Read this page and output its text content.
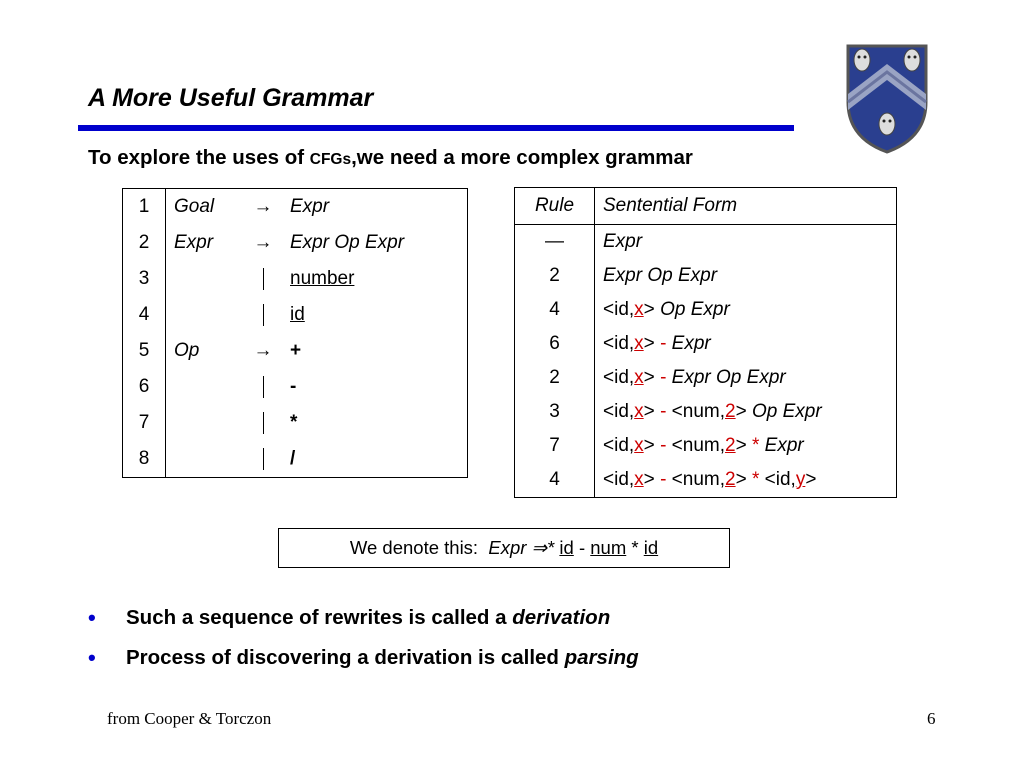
A More Useful Grammar
To explore the uses of CFGs,we need a more complex grammar
1	Goal	→	Expr
2	Expr	→	Expr Op Expr
3			number
4			id
5	Op	→	+
6			-
7			*
8			/
Rule	Sentential Form
—	Expr
2	Expr Op Expr
4	<id,x> Op Expr
6	<id,x> - Expr
2	<id,x> - Expr Op Expr
3	<id,x> - <num,2> Op Expr
7	<id,x> - <num,2> * Expr
4	<id,x> - <num,2> * <id,y>
We denote this:
Expr
⇒*
id
-
num
*
id
•	Such a sequence of rewrites is called a derivation
•	Process of discovering a derivation is called parsing
from Cooper & Torczon	6
